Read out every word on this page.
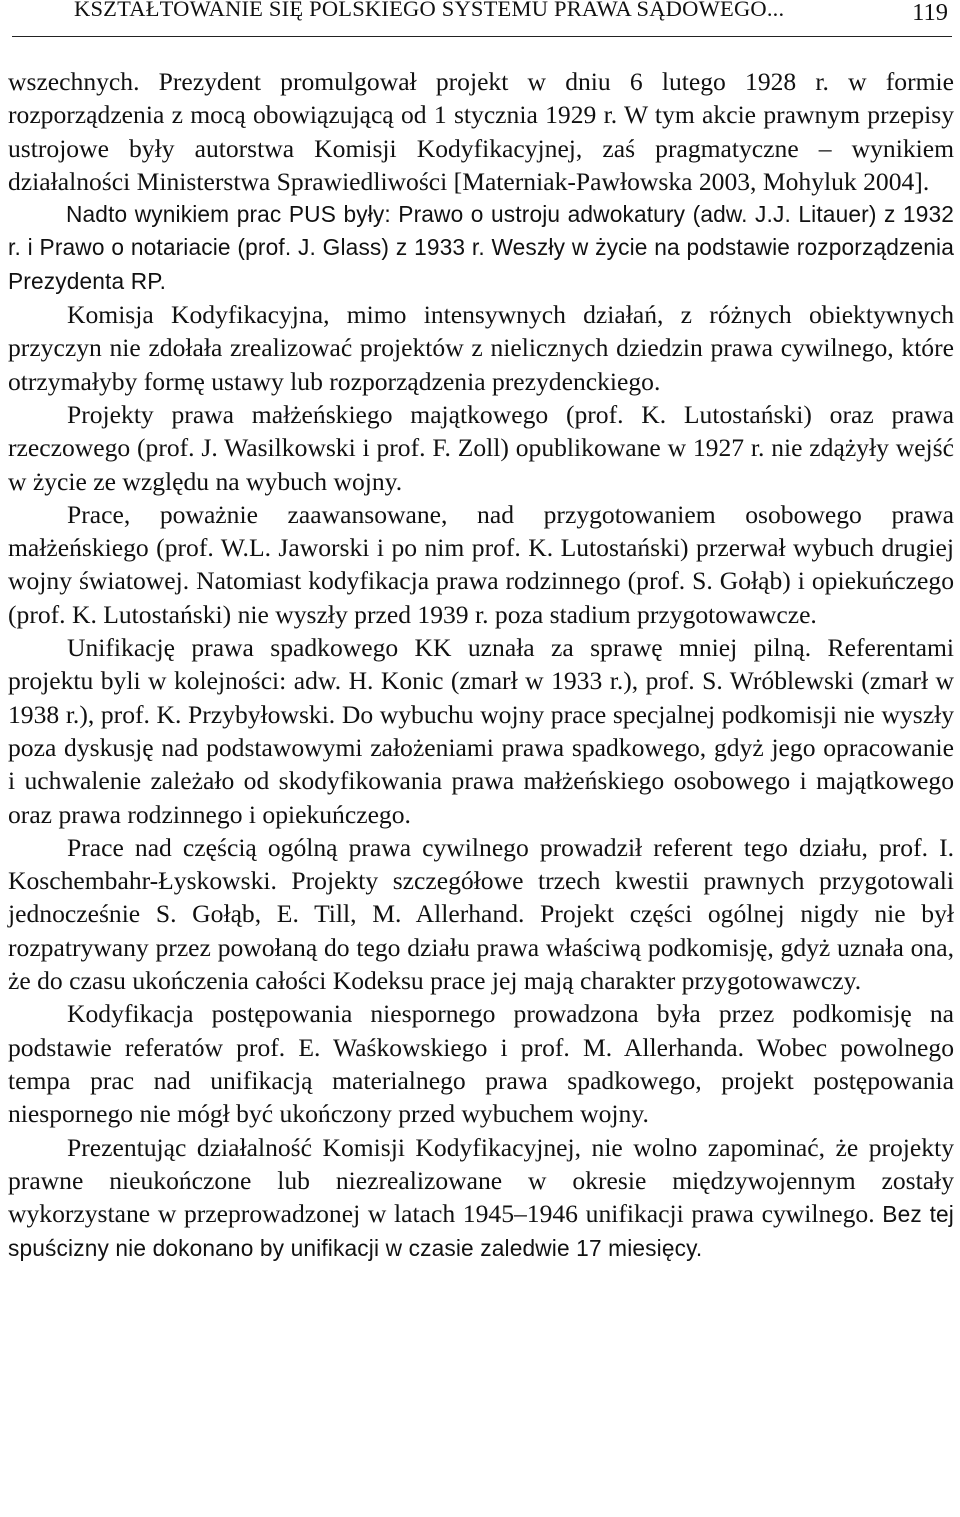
KSZTAŁTOWANIE SIĘ POLSKIEGO SYSTEMU PRAWA SĄDOWEGO...	119

wszechnych. Prezydent promulgował projekt w dniu 6 lutego 1928 r. w formie rozporządzenia z mocą obowiązującą od 1 stycznia 1929 r. W tym akcie prawnym przepisy ustrojowe były autorstwa Komisji Kodyfikacyjnej, zaś pragmatyczne – wynikiem działalności Ministerstwa Sprawiedliwości [Materniak-Pawłowska 2003, Mohyluk 2004].

Nadto wynikiem prac PUS były: Prawo o ustroju adwokatury (adw. J.J. Litauer) z 1932 r. i Prawo o notariacie (prof. J. Glass) z 1933 r. Weszły w życie na podstawie rozporządzenia Prezydenta RP.

Komisja Kodyfikacyjna, mimo intensywnych działań, z różnych obiektywnych przyczyn nie zdołała zrealizować projektów z nielicznych dziedzin prawa cywilnego, które otrzymałyby formę ustawy lub rozporządzenia prezydenckiego.

Projekty prawa małżeńskiego majątkowego (prof. K. Lutostański) oraz prawa rzeczowego (prof. J. Wasilkowski i prof. F. Zoll) opublikowane w 1927 r. nie zdążyły wejść w życie ze względu na wybuch wojny.

Prace, poważnie zaawansowane, nad przygotowaniem osobowego prawa małżeńskiego (prof. W.L. Jaworski i po nim prof. K. Lutostański) przerwał wybuch drugiej wojny światowej. Natomiast kodyfikacja prawa rodzinnego (prof. S. Gołąb) i opiekuńczego (prof. K. Lutostański) nie wyszły przed 1939 r. poza stadium przygotowawcze.

Unifikację prawa spadkowego KK uznała za sprawę mniej pilną. Referentami projektu byli w kolejności: adw. H. Konic (zmarł w 1933 r.), prof. S. Wróblewski (zmarł w 1938 r.), prof. K. Przybyłowski. Do wybuchu wojny prace specjalnej podkomisji nie wyszły poza dyskusję nad podstawowymi założeniami prawa spadkowego, gdyż jego opracowanie i uchwalenie zależało od skodyfikowania prawa małżeńskiego osobowego i majątkowego oraz prawa rodzinnego i opiekuńczego.

Prace nad częścią ogólną prawa cywilnego prowadził referent tego działu, prof. I. Koschembahr-Łyskowski. Projekty szczegółowe trzech kwestii prawnych przygotowali jednocześnie S. Gołąb, E. Till, M. Allerhand. Projekt części ogólnej nigdy nie był rozpatrywany przez powołaną do tego działu prawa właściwą podkomisję, gdyż uznała ona, że do czasu ukończenia całości Kodeksu prace jej mają charakter przygotowawczy.

Kodyfikacja postępowania niespornego prowadzona była przez podkomisję na podstawie referatów prof. E. Waśkowskiego i prof. M. Allerhanda. Wobec powolnego tempa prac nad unifikacją materialnego prawa spadkowego, projekt postępowania niespornego nie mógł być ukończony przed wybuchem wojny.

Prezentując działalność Komisji Kodyfikacyjnej, nie wolno zapominać, że projekty prawne nieukończone lub niezrealizowane w okresie międzywojennym zostały wykorzystane w przeprowadzonej w latach 1945–1946 unifikacji prawa cywilnego. Bez tej spuścizny nie dokonano by unifikacji w czasie zaledwie 17 miesięcy.
